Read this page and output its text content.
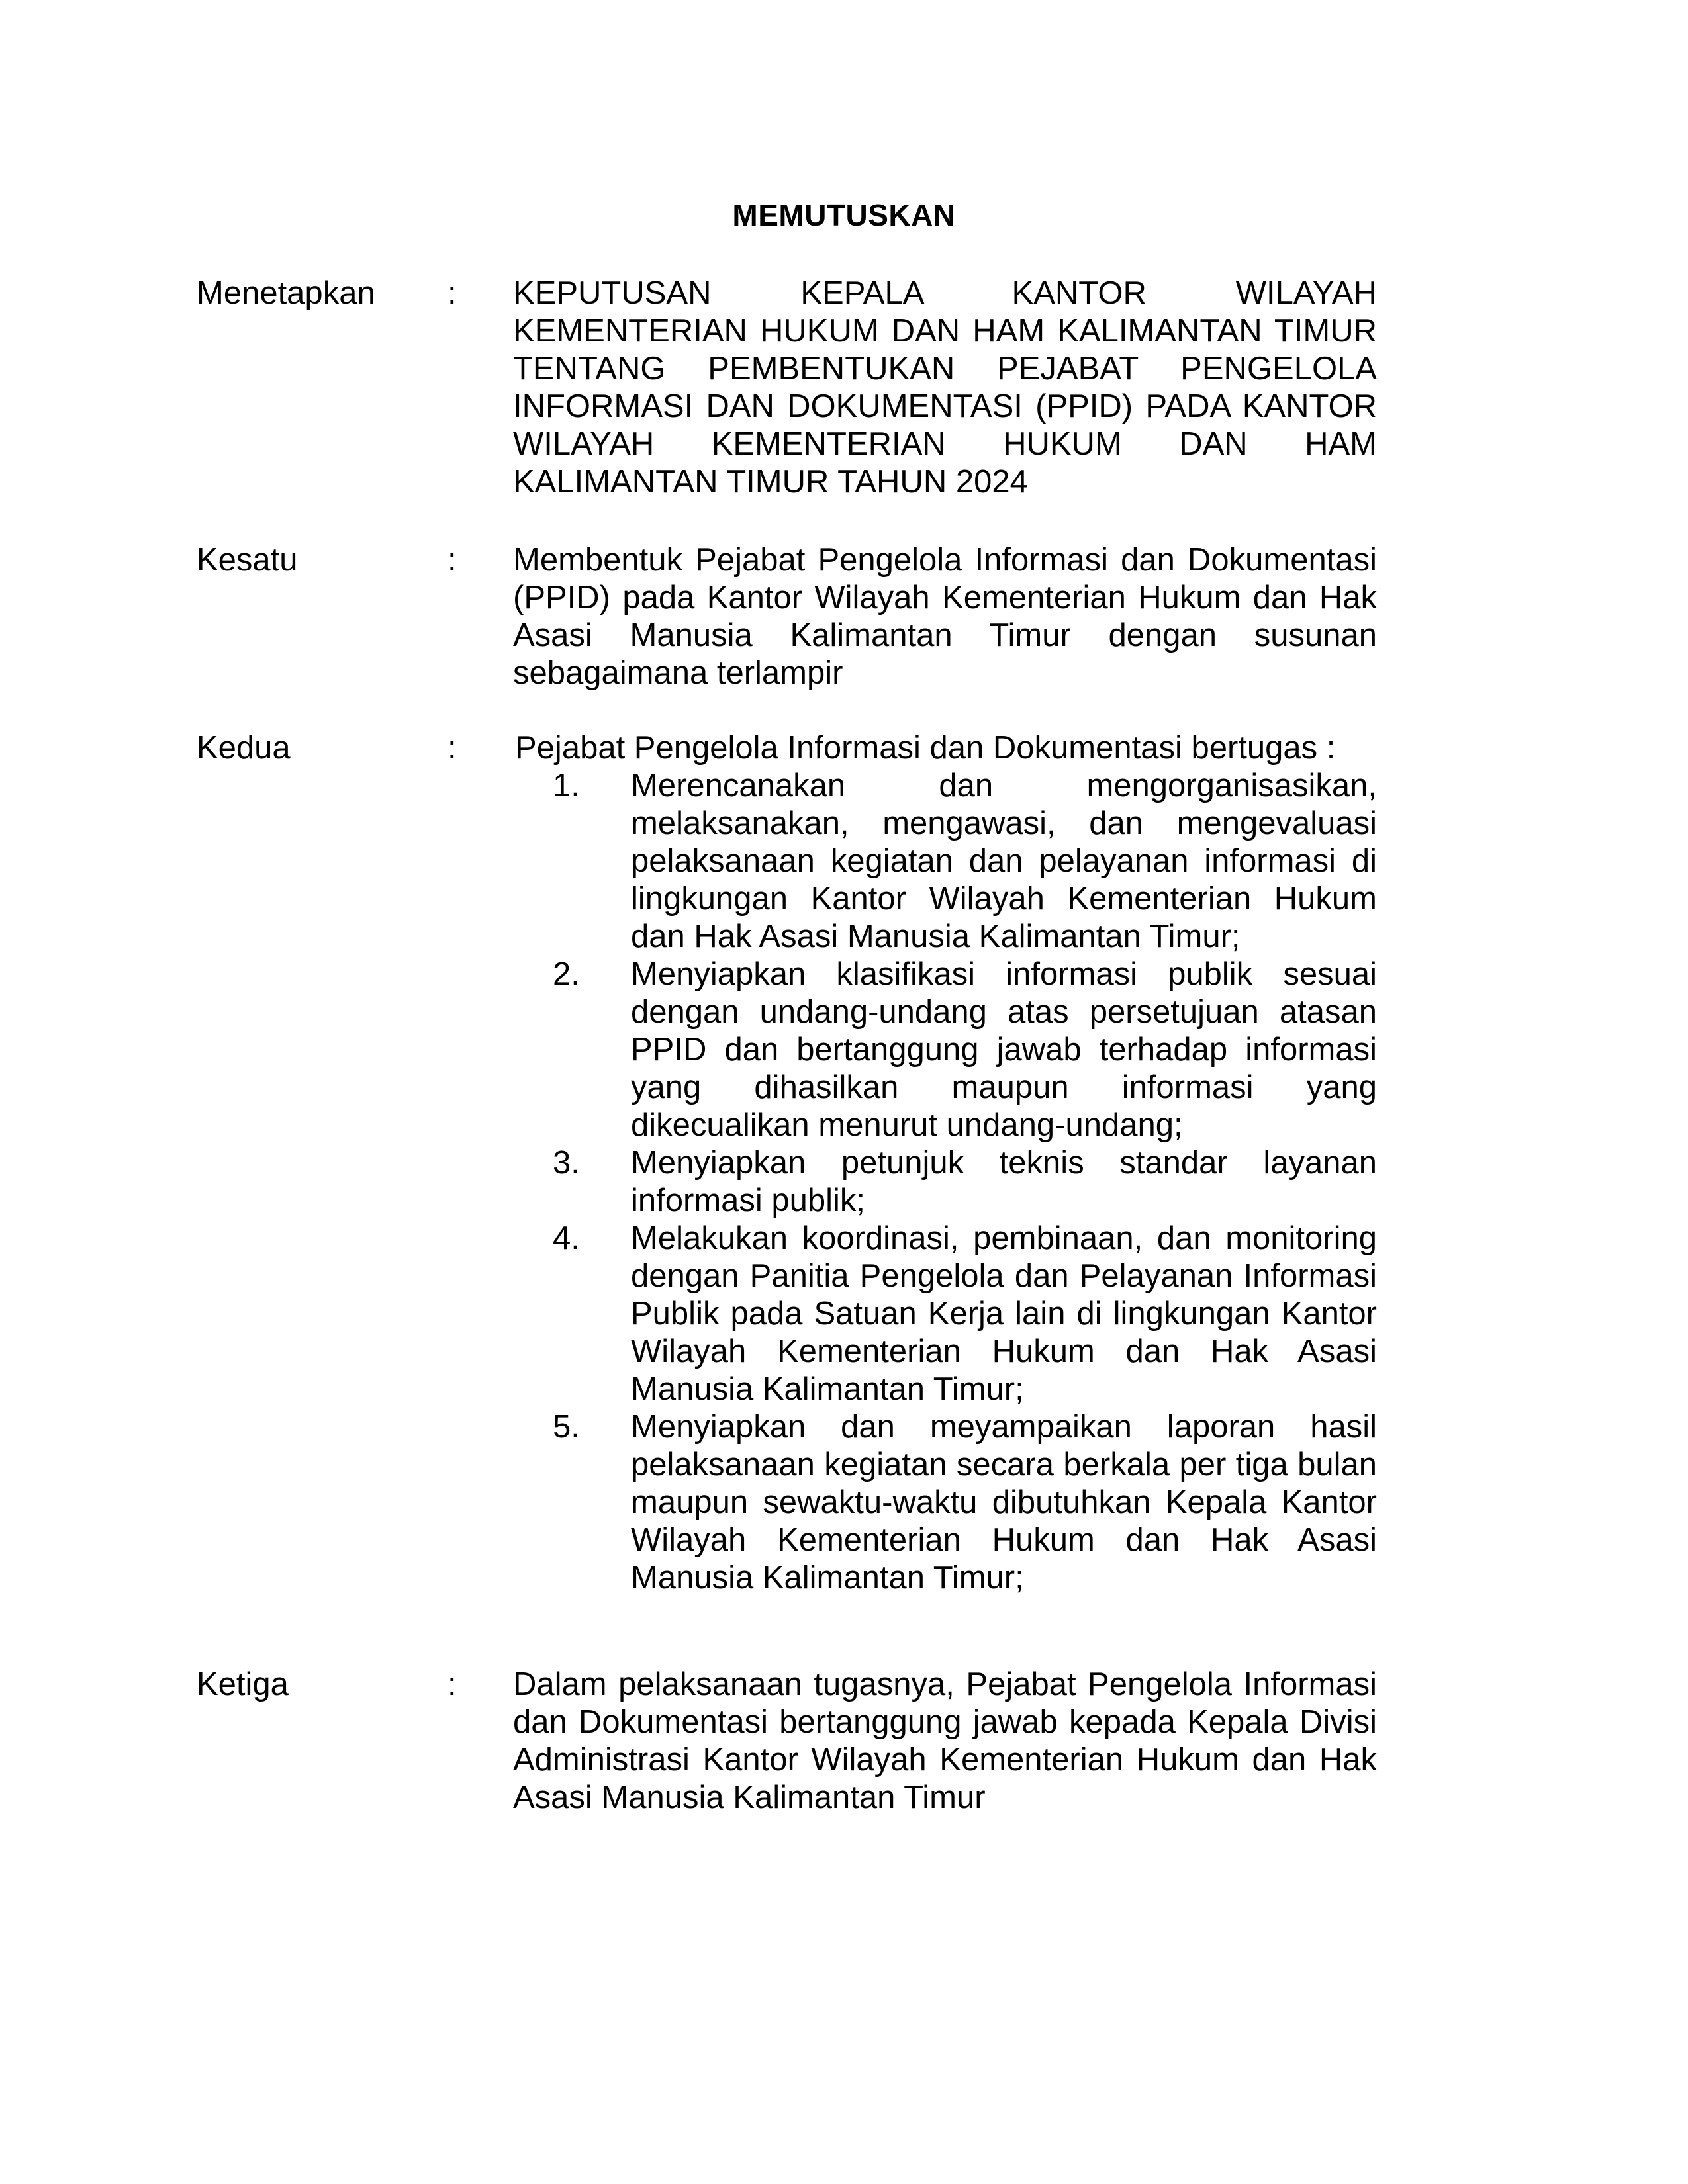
MEMUTUSKAN
Menetapkan : KEPUTUSAN KEPALA KANTOR WILAYAH KEMENTERIAN HUKUM DAN HAM KALIMANTAN TIMUR TENTANG PEMBENTUKAN PEJABAT PENGELOLA INFORMASI DAN DOKUMENTASI (PPID) PADA KANTOR WILAYAH KEMENTERIAN HUKUM DAN HAM KALIMANTAN TIMUR TAHUN 2024
Kesatu	: Membentuk Pejabat Pengelola Informasi dan Dokumentasi (PPID) pada Kantor Wilayah Kementerian Hukum dan Hak Asasi Manusia Kalimantan Timur dengan susunan sebagaimana terlampir
Kedua	: Pejabat Pengelola Informasi dan Dokumentasi bertugas :
1. Merencanakan dan mengorganisasikan, melaksanakan, mengawasi, dan mengevaluasi pelaksanaan kegiatan dan pelayanan informasi di lingkungan Kantor Wilayah Kementerian Hukum dan Hak Asasi Manusia Kalimantan Timur;
2. Menyiapkan klasifikasi informasi publik sesuai dengan undang-undang atas persetujuan atasan PPID dan bertanggung jawab terhadap informasi yang dihasilkan maupun informasi yang dikecualikan menurut undang-undang;
3. Menyiapkan petunjuk teknis standar layanan informasi publik;
4. Melakukan koordinasi, pembinaan, dan monitoring dengan Panitia Pengelola dan Pelayanan Informasi Publik pada Satuan Kerja lain di lingkungan Kantor Wilayah Kementerian Hukum dan Hak Asasi Manusia Kalimantan Timur;
5. Menyiapkan dan meyampaikan laporan hasil pelaksanaan kegiatan secara berkala per tiga bulan maupun sewaktu-waktu dibutuhkan Kepala Kantor Wilayah Kementerian Hukum dan Hak Asasi Manusia Kalimantan Timur;
Ketiga	: Dalam pelaksanaan tugasnya, Pejabat Pengelola Informasi dan Dokumentasi bertanggung jawab kepada Kepala Divisi Administrasi Kantor Wilayah Kementerian Hukum dan Hak Asasi Manusia Kalimantan Timur
